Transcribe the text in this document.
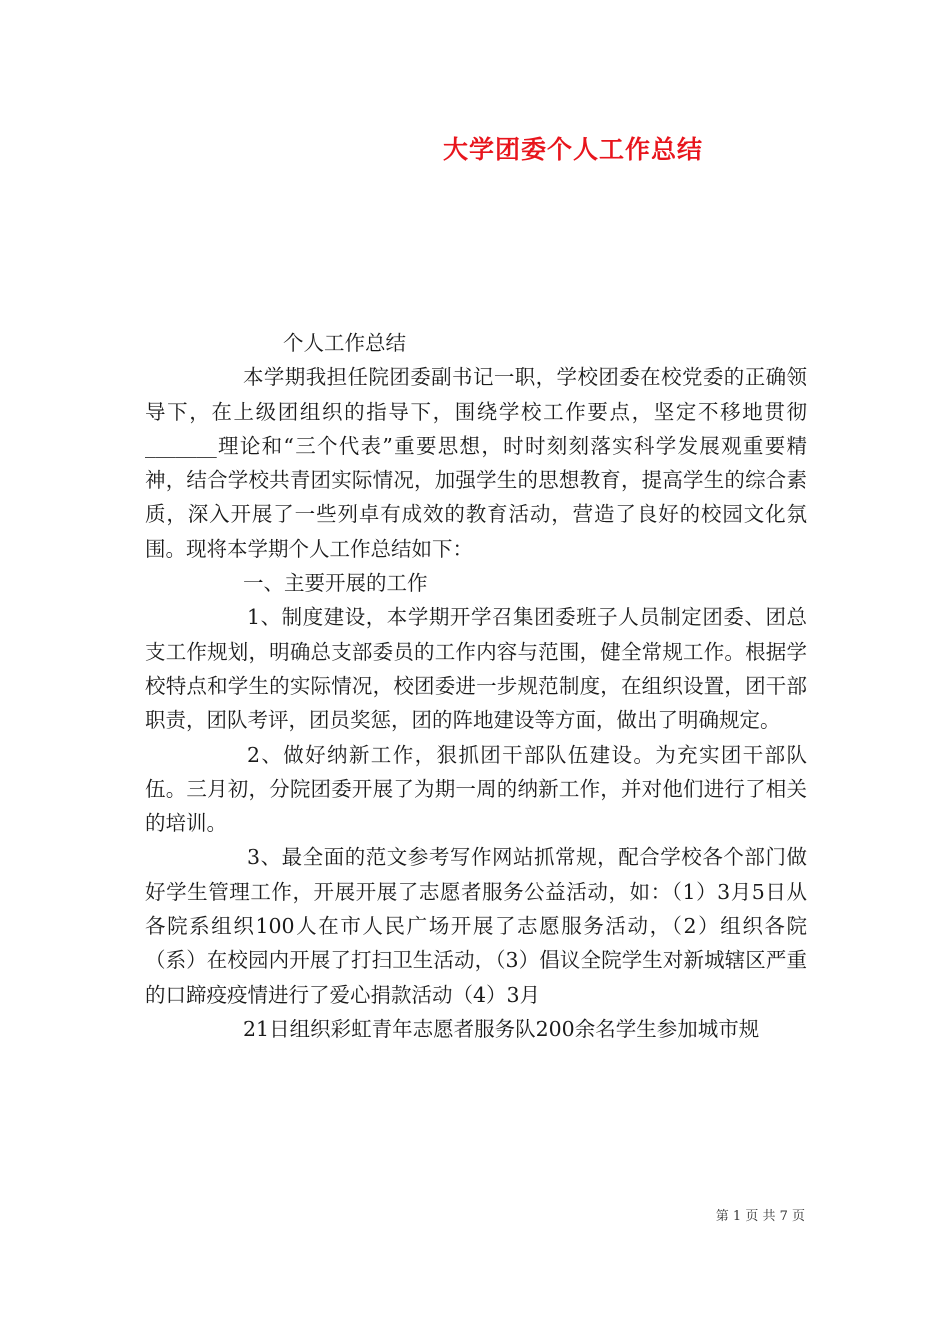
大学团委个人工作总结

个人工作总结

本学期我担任院团委副书记一职，学校团委在校党委的正确领导下，在上级团组织的指导下，围绕学校工作要点，坚定不移地贯彻_______理论和“三个代表”重要思想，时时刻刻落实科学发展观重要精神，结合学校共青团实际情况，加强学生的思想教育，提高学生的综合素质，深入开展了一些列卓有成效的教育活动，营造了良好的校园文化氛围。现将本学期个人工作总结如下：

一、主要开展的工作

1、制度建设，本学期开学召集团委班子人员制定团委、团总支工作规划，明确总支部委员的工作内容与范围，健全常规工作。根据学校特点和学生的实际情况，校团委进一步规范制度，在组织设置，团干部职责，团队考评，团员奖惩，团的阵地建设等方面，做出了明确规定。

2、做好纳新工作，狠抓团干部队伍建设。为充实团干部队伍。三月初，分院团委开展了为期一周的纳新工作，并对他们进行了相关的培训。

3、最全面的范文参考写作网站抓常规，配合学校各个部门做好学生管理工作，开展开展了志愿者服务公益活动，如：（1）3月5日从各院系组织100人在市人民广场开展了志愿服务活动，（2）组织各院（系）在校园内开展了打扫卫生活动，（3）倡议全院学生对新城辖区严重的口蹄疫疫情进行了爱心捐款活动（4）3月

21日组织彩虹青年志愿者服务队200余名学生参加城市规

第 1 页 共 7 页
